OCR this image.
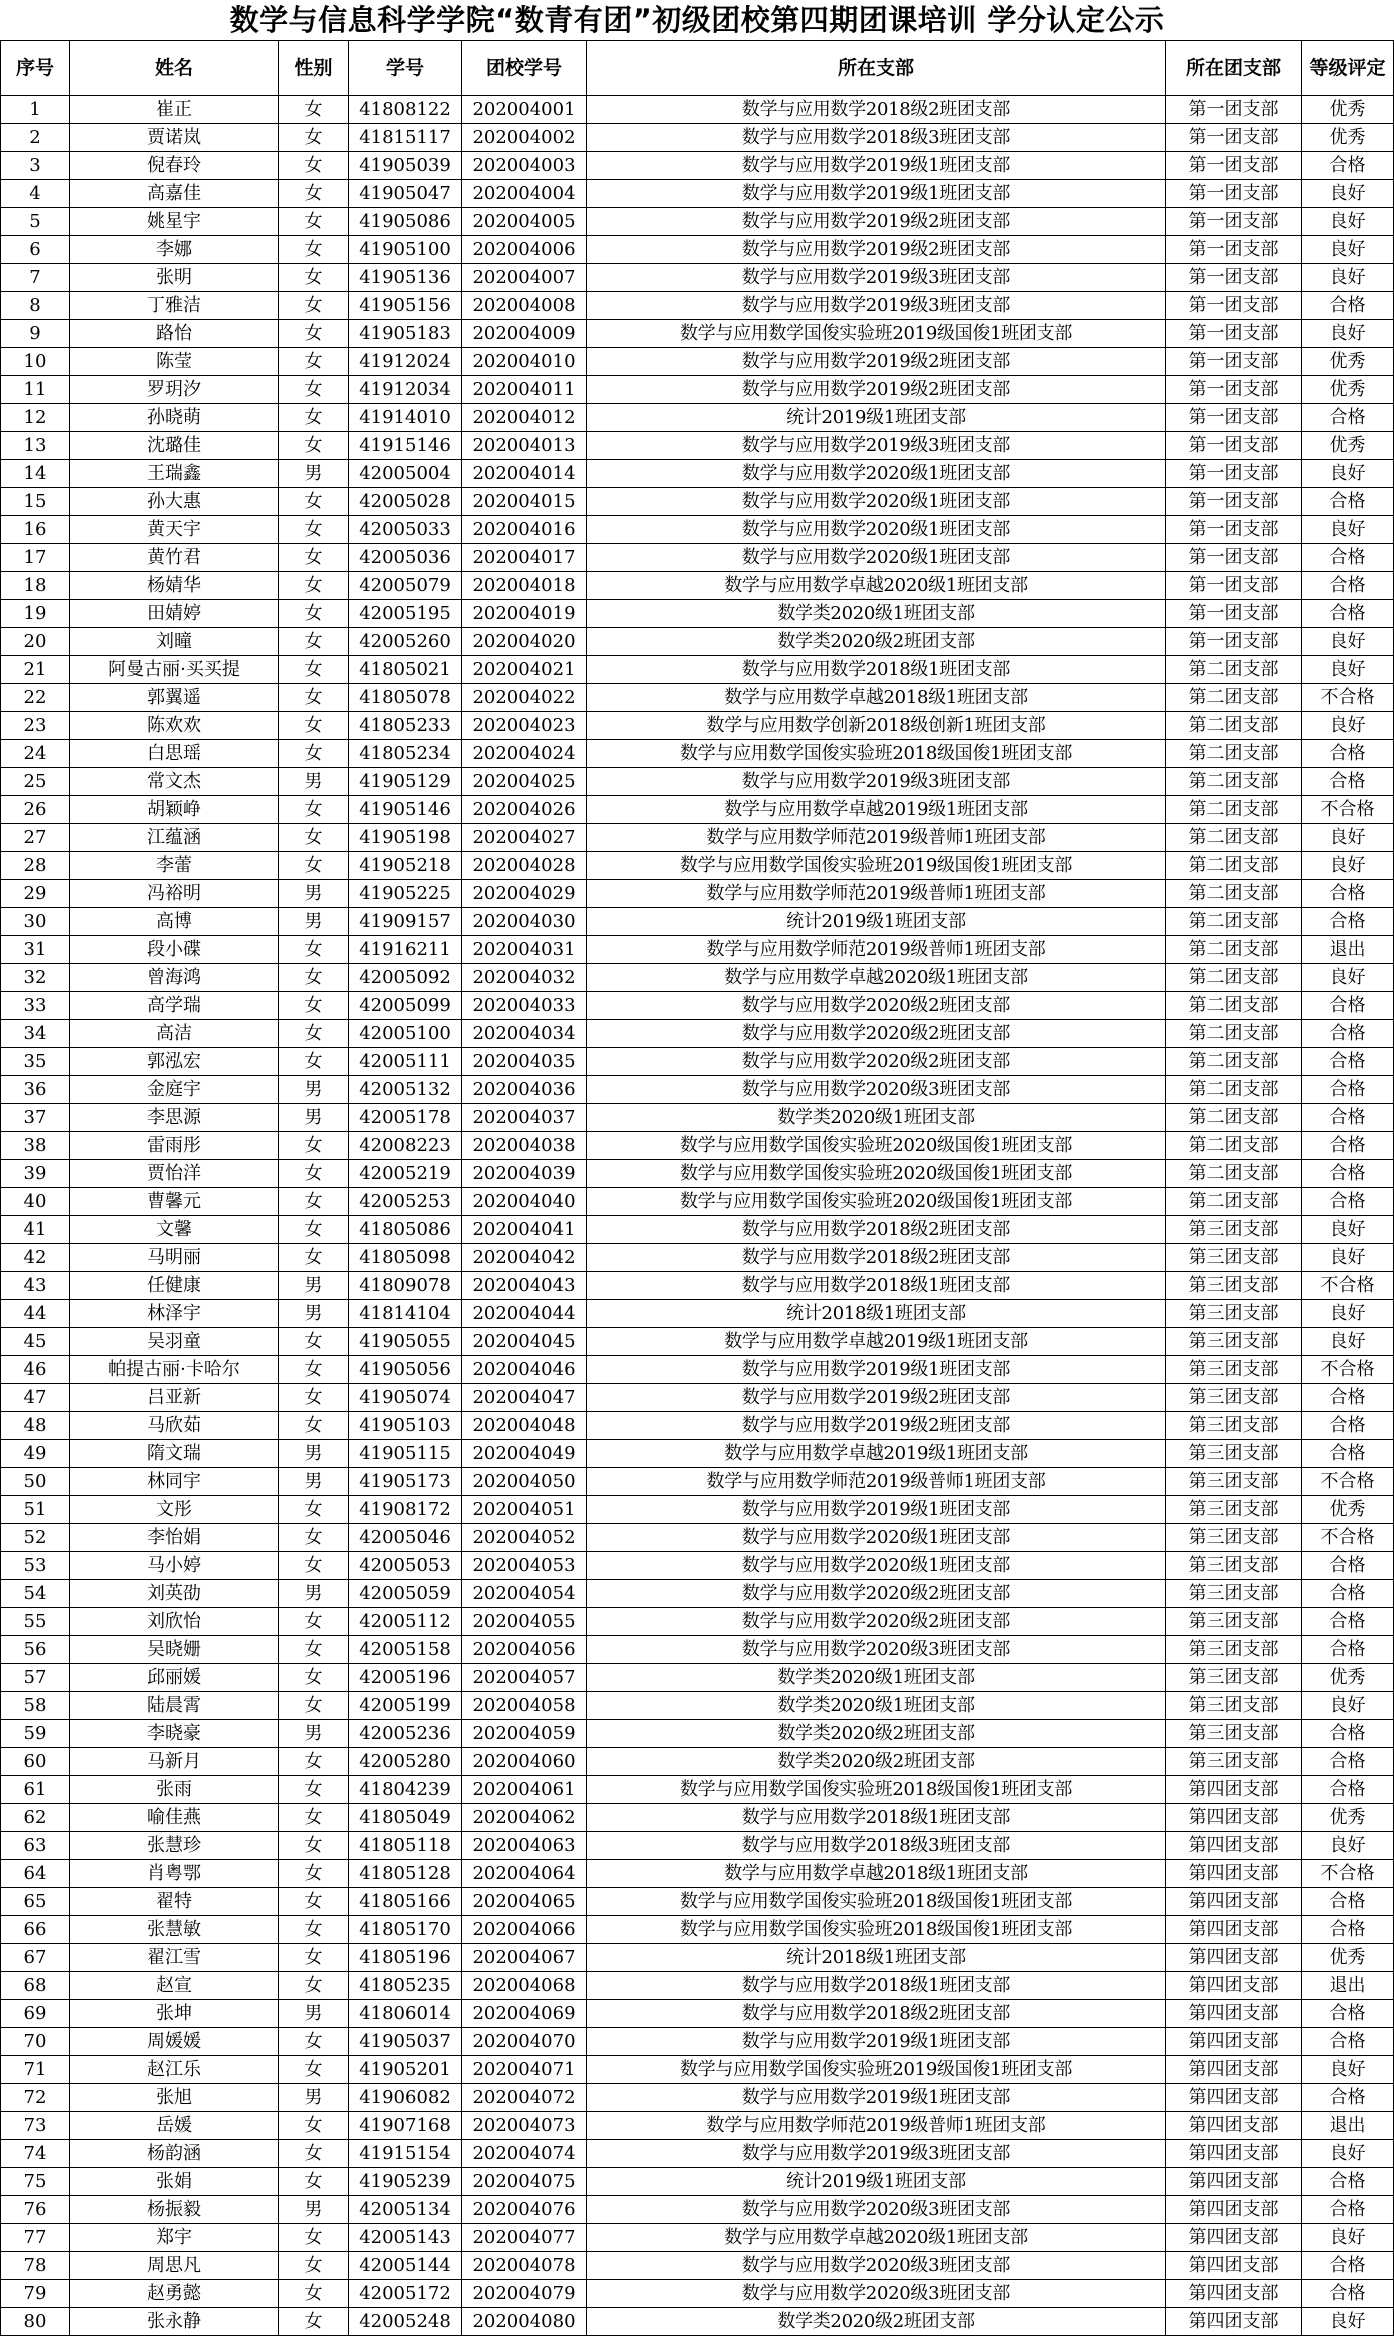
数学与信息科学学院“数青有团”初级团校第四期团课培训 学分认定公示
序号	姓名	性别	学号	团校学号	所在支部	所在团支部	等级评定
1	崔正	女	41808122	202004001	数学与应用数学2018级2班团支部	第一团支部	优秀
2	贾诺岚	女	41815117	202004002	数学与应用数学2018级3班团支部	第一团支部	优秀
3	倪春玲	女	41905039	202004003	数学与应用数学2019级1班团支部	第一团支部	合格
4	高嘉佳	女	41905047	202004004	数学与应用数学2019级1班团支部	第一团支部	良好
5	姚星宇	女	41905086	202004005	数学与应用数学2019级2班团支部	第一团支部	良好
6	李娜	女	41905100	202004006	数学与应用数学2019级2班团支部	第一团支部	良好
7	张明	女	41905136	202004007	数学与应用数学2019级3班团支部	第一团支部	良好
8	丁雅洁	女	41905156	202004008	数学与应用数学2019级3班团支部	第一团支部	合格
9	路怡	女	41905183	202004009	数学与应用数学国俊实验班2019级国俊1班团支部	第一团支部	良好
10	陈莹	女	41912024	202004010	数学与应用数学2019级2班团支部	第一团支部	优秀
11	罗玥汐	女	41912034	202004011	数学与应用数学2019级2班团支部	第一团支部	优秀
12	孙晓萌	女	41914010	202004012	统计2019级1班团支部	第一团支部	合格
13	沈璐佳	女	41915146	202004013	数学与应用数学2019级3班团支部	第一团支部	优秀
14	王瑞鑫	男	42005004	202004014	数学与应用数学2020级1班团支部	第一团支部	良好
15	孙大惠	女	42005028	202004015	数学与应用数学2020级1班团支部	第一团支部	合格
16	黄天宇	女	42005033	202004016	数学与应用数学2020级1班团支部	第一团支部	良好
17	黄竹君	女	42005036	202004017	数学与应用数学2020级1班团支部	第一团支部	合格
18	杨婧华	女	42005079	202004018	数学与应用数学卓越2020级1班团支部	第一团支部	合格
19	田婧婷	女	42005195	202004019	数学类2020级1班团支部	第一团支部	合格
20	刘曈	女	42005260	202004020	数学类2020级2班团支部	第一团支部	良好
21	阿曼古丽·买买提	女	41805021	202004021	数学与应用数学2018级1班团支部	第二团支部	良好
22	郭翼遥	女	41805078	202004022	数学与应用数学卓越2018级1班团支部	第二团支部	不合格
23	陈欢欢	女	41805233	202004023	数学与应用数学创新2018级创新1班团支部	第二团支部	良好
24	白思瑶	女	41805234	202004024	数学与应用数学国俊实验班2018级国俊1班团支部	第二团支部	合格
25	常文杰	男	41905129	202004025	数学与应用数学2019级3班团支部	第二团支部	合格
26	胡颖峥	女	41905146	202004026	数学与应用数学卓越2019级1班团支部	第二团支部	不合格
27	江蕴涵	女	41905198	202004027	数学与应用数学师范2019级普师1班团支部	第二团支部	良好
28	李蕾	女	41905218	202004028	数学与应用数学国俊实验班2019级国俊1班团支部	第二团支部	良好
29	冯裕明	男	41905225	202004029	数学与应用数学师范2019级普师1班团支部	第二团支部	合格
30	高博	男	41909157	202004030	统计2019级1班团支部	第二团支部	合格
31	段小碟	女	41916211	202004031	数学与应用数学师范2019级普师1班团支部	第二团支部	退出
32	曾海鸿	女	42005092	202004032	数学与应用数学卓越2020级1班团支部	第二团支部	良好
33	高学瑞	女	42005099	202004033	数学与应用数学2020级2班团支部	第二团支部	合格
34	高洁	女	42005100	202004034	数学与应用数学2020级2班团支部	第二团支部	合格
35	郭泓宏	女	42005111	202004035	数学与应用数学2020级2班团支部	第二团支部	合格
36	金庭宇	男	42005132	202004036	数学与应用数学2020级3班团支部	第二团支部	合格
37	李思源	男	42005178	202004037	数学类2020级1班团支部	第二团支部	合格
38	雷雨彤	女	42008223	202004038	数学与应用数学国俊实验班2020级国俊1班团支部	第二团支部	合格
39	贾怡洋	女	42005219	202004039	数学与应用数学国俊实验班2020级国俊1班团支部	第二团支部	合格
40	曹馨元	女	42005253	202004040	数学与应用数学国俊实验班2020级国俊1班团支部	第二团支部	合格
41	文馨	女	41805086	202004041	数学与应用数学2018级2班团支部	第三团支部	良好
42	马明丽	女	41805098	202004042	数学与应用数学2018级2班团支部	第三团支部	良好
43	任健康	男	41809078	202004043	数学与应用数学2018级1班团支部	第三团支部	不合格
44	林泽宇	男	41814104	202004044	统计2018级1班团支部	第三团支部	良好
45	吴羽童	女	41905055	202004045	数学与应用数学卓越2019级1班团支部	第三团支部	良好
46	帕提古丽·卡哈尔	女	41905056	202004046	数学与应用数学2019级1班团支部	第三团支部	不合格
47	吕亚新	女	41905074	202004047	数学与应用数学2019级2班团支部	第三团支部	合格
48	马欣茹	女	41905103	202004048	数学与应用数学2019级2班团支部	第三团支部	合格
49	隋文瑞	男	41905115	202004049	数学与应用数学卓越2019级1班团支部	第三团支部	合格
50	林同宇	男	41905173	202004050	数学与应用数学师范2019级普师1班团支部	第三团支部	不合格
51	文彤	女	41908172	202004051	数学与应用数学2019级1班团支部	第三团支部	优秀
52	李怡娟	女	42005046	202004052	数学与应用数学2020级1班团支部	第三团支部	不合格
53	马小婷	女	42005053	202004053	数学与应用数学2020级1班团支部	第三团支部	合格
54	刘英劭	男	42005059	202004054	数学与应用数学2020级2班团支部	第三团支部	合格
55	刘欣怡	女	42005112	202004055	数学与应用数学2020级2班团支部	第三团支部	合格
56	吴晓姗	女	42005158	202004056	数学与应用数学2020级3班团支部	第三团支部	合格
57	邱丽媛	女	42005196	202004057	数学类2020级1班团支部	第三团支部	优秀
58	陆晨霄	女	42005199	202004058	数学类2020级1班团支部	第三团支部	良好
59	李晓豪	男	42005236	202004059	数学类2020级2班团支部	第三团支部	合格
60	马新月	女	42005280	202004060	数学类2020级2班团支部	第三团支部	合格
61	张雨	女	41804239	202004061	数学与应用数学国俊实验班2018级国俊1班团支部	第四团支部	合格
62	喻佳燕	女	41805049	202004062	数学与应用数学2018级1班团支部	第四团支部	优秀
63	张慧珍	女	41805118	202004063	数学与应用数学2018级3班团支部	第四团支部	良好
64	肖粤鄂	女	41805128	202004064	数学与应用数学卓越2018级1班团支部	第四团支部	不合格
65	翟特	女	41805166	202004065	数学与应用数学国俊实验班2018级国俊1班团支部	第四团支部	合格
66	张慧敏	女	41805170	202004066	数学与应用数学国俊实验班2018级国俊1班团支部	第四团支部	合格
67	翟江雪	女	41805196	202004067	统计2018级1班团支部	第四团支部	优秀
68	赵宣	女	41805235	202004068	数学与应用数学2018级1班团支部	第四团支部	退出
69	张坤	男	41806014	202004069	数学与应用数学2018级2班团支部	第四团支部	合格
70	周媛媛	女	41905037	202004070	数学与应用数学2019级1班团支部	第四团支部	合格
71	赵江乐	女	41905201	202004071	数学与应用数学国俊实验班2019级国俊1班团支部	第四团支部	良好
72	张旭	男	41906082	202004072	数学与应用数学2019级1班团支部	第四团支部	合格
73	岳媛	女	41907168	202004073	数学与应用数学师范2019级普师1班团支部	第四团支部	退出
74	杨韵涵	女	41915154	202004074	数学与应用数学2019级3班团支部	第四团支部	良好
75	张娟	女	41905239	202004075	统计2019级1班团支部	第四团支部	合格
76	杨振毅	男	42005134	202004076	数学与应用数学2020级3班团支部	第四团支部	合格
77	郑宇	女	42005143	202004077	数学与应用数学卓越2020级1班团支部	第四团支部	良好
78	周思凡	女	42005144	202004078	数学与应用数学2020级3班团支部	第四团支部	合格
79	赵勇懿	女	42005172	202004079	数学与应用数学2020级3班团支部	第四团支部	合格
80	张永静	女	42005248	202004080	数学类2020级2班团支部	第四团支部	良好
